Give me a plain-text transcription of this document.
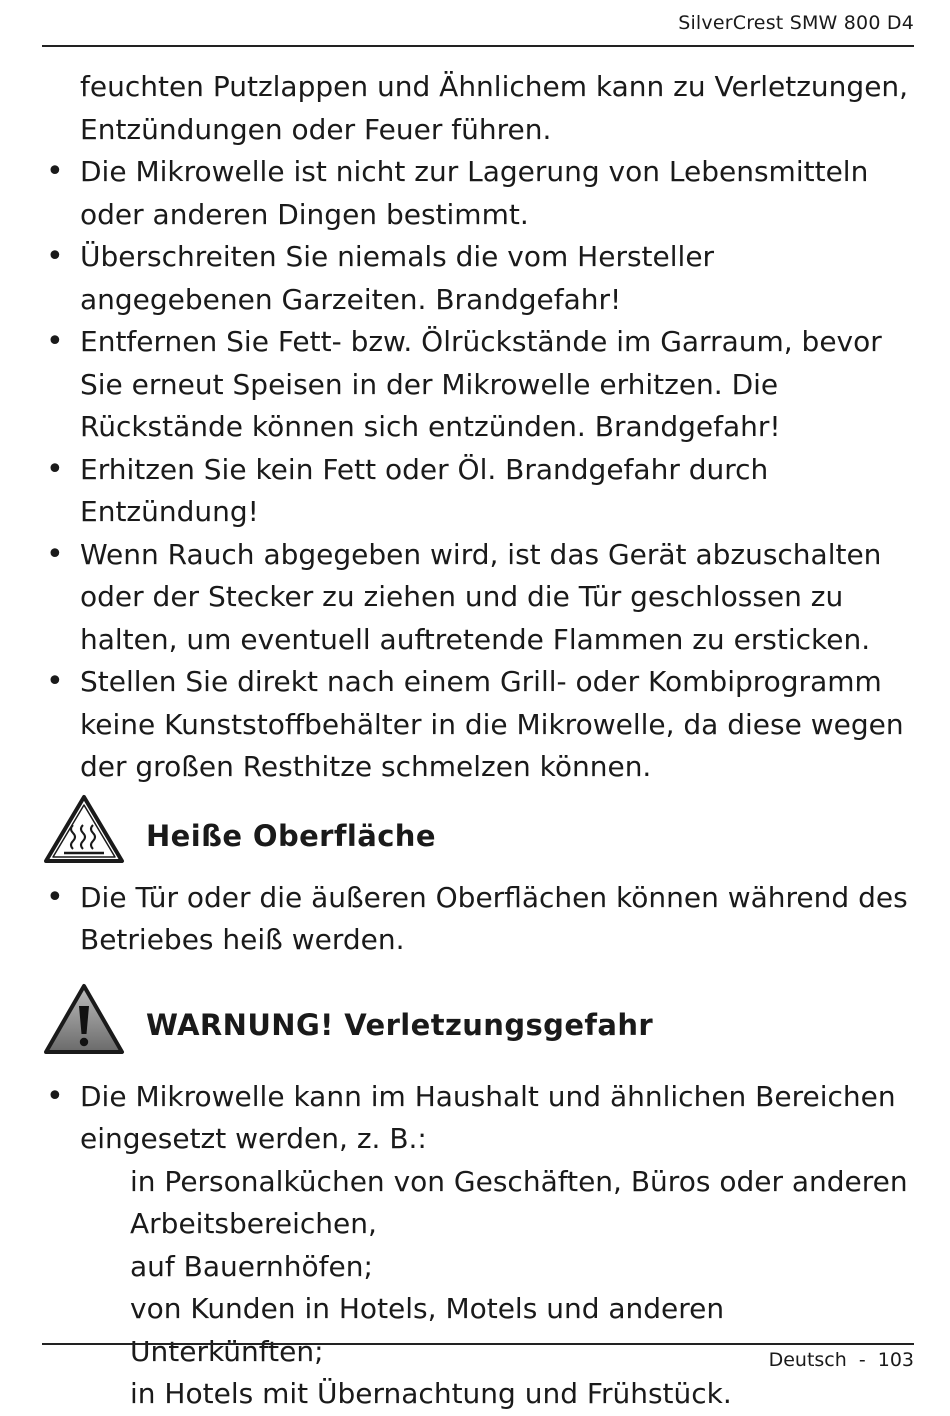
SilverCrest SMW 800 D4

feuchten Putzlappen und Ähnlichem kann zu Verletzungen, Entzündungen oder Feuer führen.

• Die Mikrowelle ist nicht zur Lagerung von Lebensmitteln oder anderen Dingen bestimmt.
• Überschreiten Sie niemals die vom Hersteller angegebenen Garzeiten. Brandgefahr!
• Entfernen Sie Fett- bzw. Ölrückstände im Garraum, bevor Sie erneut Speisen in der Mikrowelle erhitzen. Die Rückstände können sich entzünden. Brandgefahr!
• Erhitzen Sie kein Fett oder Öl. Brandgefahr durch Entzündung!
• Wenn Rauch abgegeben wird, ist das Gerät abzuschalten oder der Stecker zu ziehen und die Tür geschlossen zu halten, um eventuell auftretende Flammen zu ersticken.
• Stellen Sie direkt nach einem Grill- oder Kombiprogramm keine Kunststoffbehälter in die Mikrowelle, da diese wegen der großen Resthitze schmelzen können.
Heiße Oberfläche
• Die Tür oder die äußeren Oberflächen können während des Betriebes heiß werden.
WARNUNG! Verletzungsgefahr
• Die Mikrowelle kann im Haushalt und ähnlichen Bereichen eingesetzt werden, z. B.:
in Personalküchen von Geschäften, Büros oder anderen Arbeitsbereichen,
auf Bauernhöfen;
von Kunden in Hotels, Motels und anderen Unterkünften;
in Hotels mit Übernachtung und Frühstück.
Deutsch - 103
